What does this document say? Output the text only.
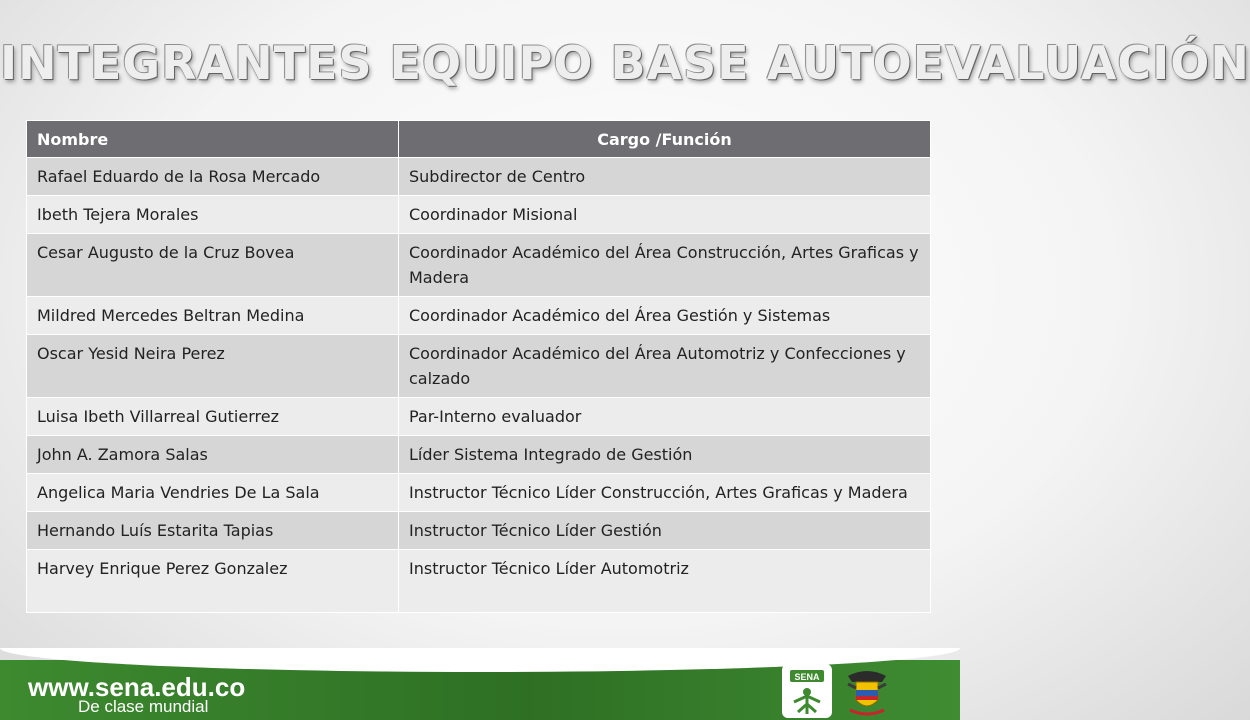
INTEGRANTES EQUIPO BASE AUTOEVALUACIÓN
Nombre	Cargo /Función
Rafael Eduardo de la Rosa Mercado	Subdirector de Centro
Ibeth Tejera Morales	Coordinador Misional
Cesar Augusto de la Cruz Bovea	Coordinador Académico del Área Construcción, Artes Graficas y Madera
Mildred Mercedes Beltran Medina	Coordinador Académico del Área Gestión y Sistemas
Oscar Yesid Neira Perez	Coordinador Académico del Área Automotriz y Confecciones y calzado
Luisa Ibeth Villarreal Gutierrez	Par-Interno evaluador
John A. Zamora Salas	Líder Sistema Integrado de Gestión
Angelica Maria Vendries De La Sala	Instructor Técnico Líder Construcción, Artes Graficas y Madera
Hernando Luís Estarita Tapias	Instructor Técnico Líder Gestión
Harvey Enrique Perez Gonzalez	Instructor Técnico Líder Automotriz
www.sena.edu.co
De clase mundial
SENA
